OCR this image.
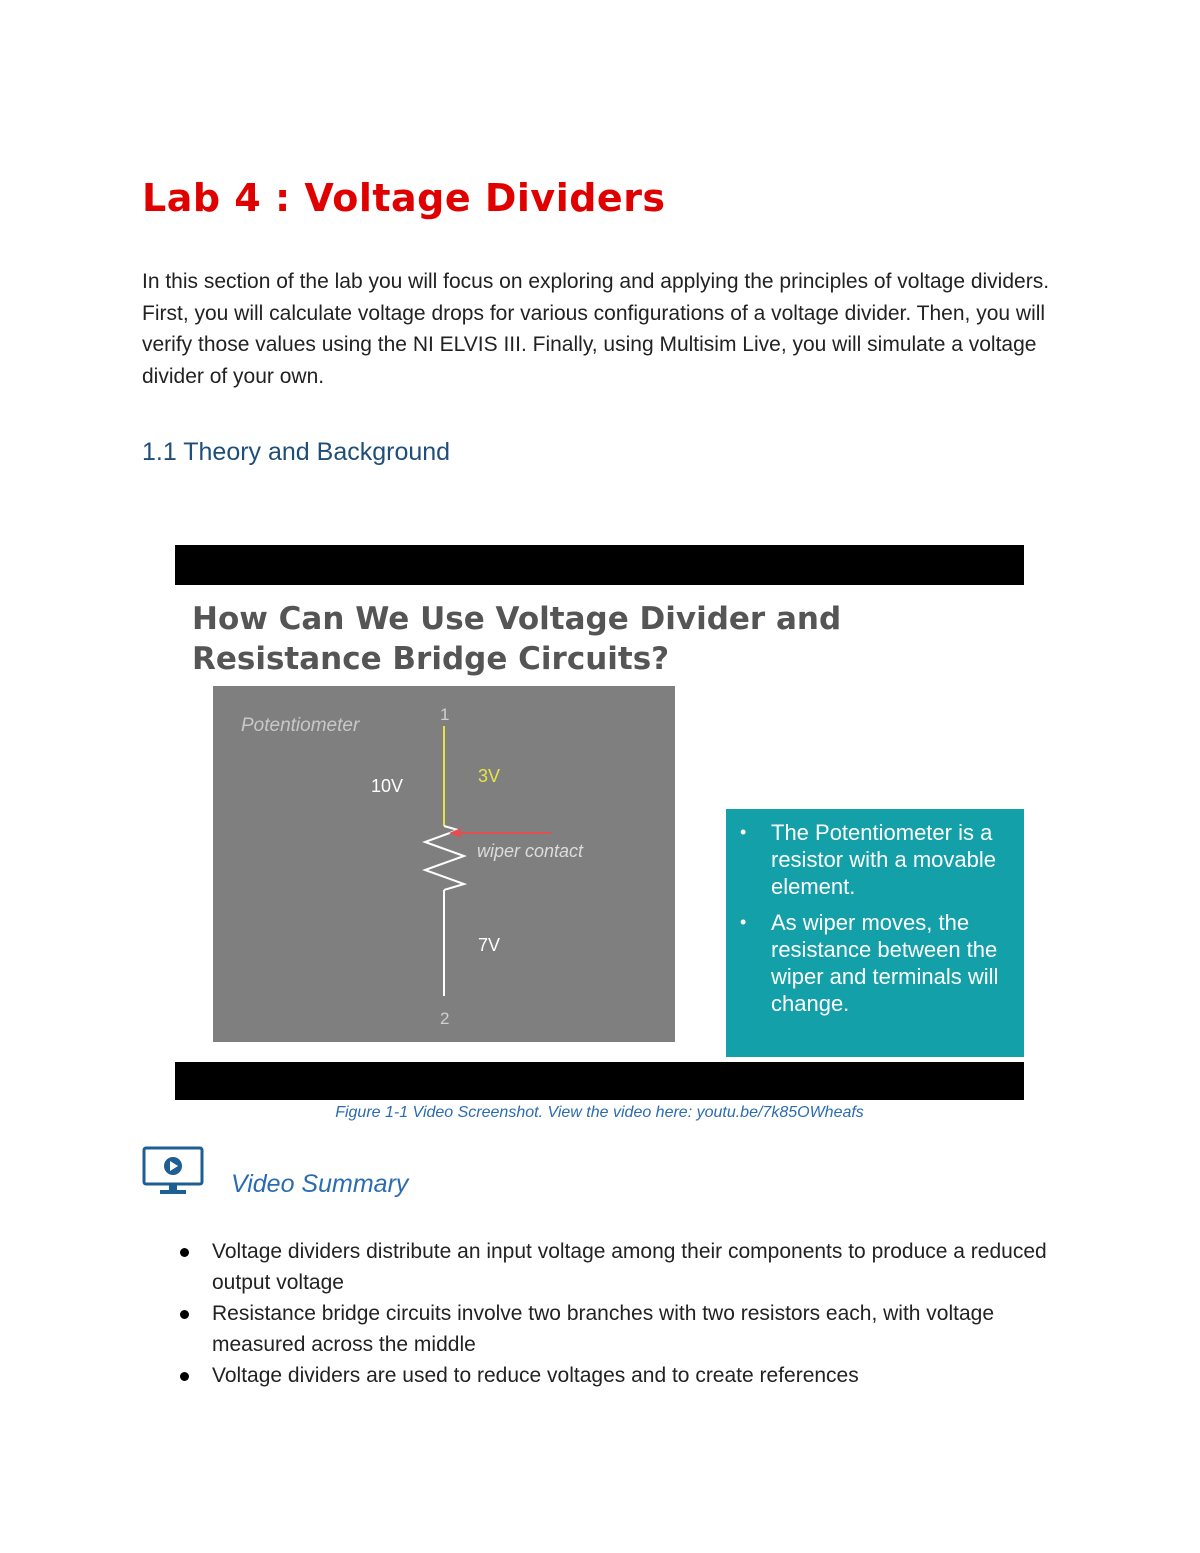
Lab 4 : Voltage Dividers

In this section of the lab you will focus on exploring and applying the principles of voltage dividers. First, you will calculate voltage drops for various configurations of a voltage divider. Then, you will verify those values using the NI ELVIS III. Finally, using Multisim Live, you will simulate a voltage divider of your own.

1.1 Theory and Background
How Can We Use Voltage Divider and
Resistance Bridge Circuits?
Potentiometer
1
2
10V	3V
7V
wiper contact
• The Potentiometer is a resistor with a movable element.
• As wiper moves, the resistance between the wiper and terminals will change.

Figure 1-1 Video Screenshot. View the video here: youtu.be/7k85OWheafs

Video Summary
Voltage dividers distribute an input voltage among their components to produce a reduced output voltage
Resistance bridge circuits involve two branches with two resistors each, with voltage measured across the middle
Voltage dividers are used to reduce voltages and to create references
